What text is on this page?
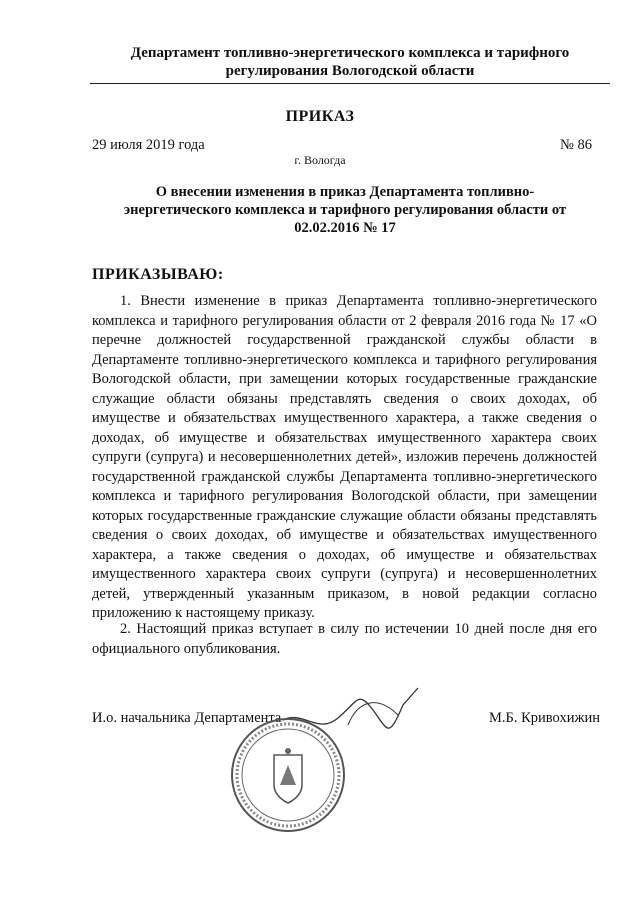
Департамент топливно-энергетического комплекса и тарифного
регулирования Вологодской области
ПРИКАЗ
29 июля 2019 года	№ 86
г. Вологда
О внесении изменения в приказ Департамента топливно-
энергетического комплекса и тарифного регулирования области от
02.02.2016 № 17
ПРИКАЗЫВАЮ:

1. Внести изменение в приказ Департамента топливно-энергетического комплекса и тарифного регулирования области от 2 февраля 2016 года № 17 «О перечне должностей государственной гражданской службы области в Департаменте топливно-энергетического комплекса и тарифного регулирования Вологодской области, при замещении которых государственные гражданские служащие области обязаны представлять сведения о своих доходах, об имуществе и обязательствах имущественного характера, а также сведения о доходах, об имуществе и обязательствах имущественного характера своих супруги (супруга) и несовершеннолетних детей», изложив перечень должностей государственной гражданской службы Департамента топливно-энергетического комплекса и тарифного регулирования Вологодской области, при замещении которых государственные гражданские служащие области обязаны представлять сведения о своих доходах, об имуществе и обязательствах имущественного характера, а также сведения о доходах, об имуществе и обязательствах имущественного характера своих супруги (супруга) и несовершеннолетних детей, утвержденный указанным приказом, в новой редакции согласно приложению к настоящему приказу.

2. Настоящий приказ вступает в силу по истечении 10 дней после дня его официального опубликования.

И.о. начальника Департамента	М.Б. Кривохижин
